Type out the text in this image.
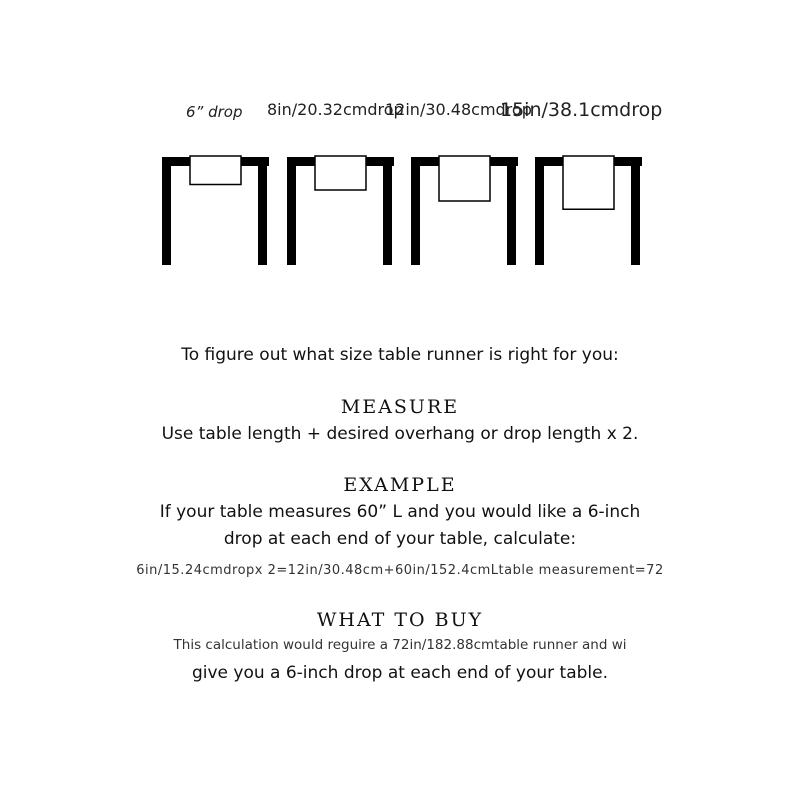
6” drop 8in/20.32cmdrop
12in/30.48cmdrop
15in/38.1cmdrop
To figure out what size table runner is right for you:
MEASURE
Use table length + desired overhang or drop length x 2.
EXAMPLE
If your table measures 60” L and you would like a 6-inch
drop at each end of your table, calculate:
6in/15.24cmdropx 2=12in/30.48cm+60in/152.4cmLtable measurement=72
WHAT TO BUY
This calculation would reguire a 72in/182.88cmtable runner and wi
give you a 6-inch drop at each end of your table.
